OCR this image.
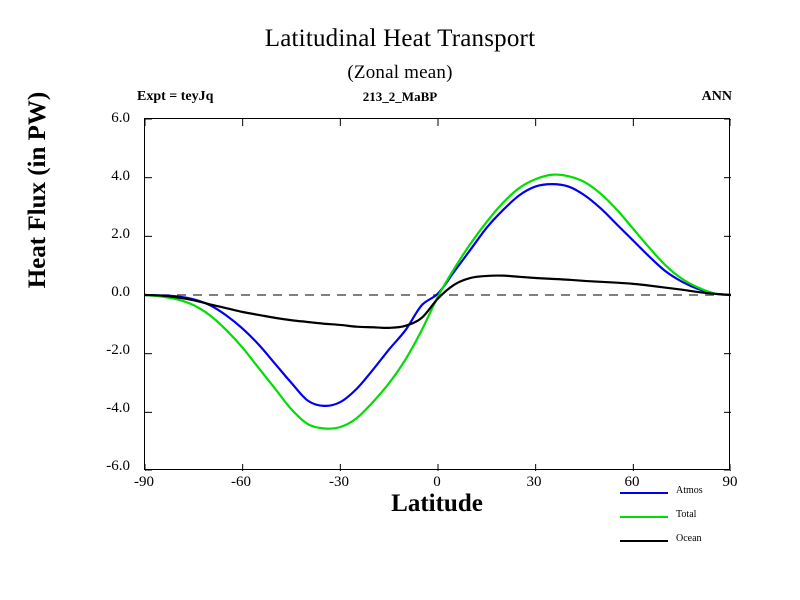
Latitudinal Heat Transport
(Zonal mean)
Expt = teyJq	213_2_MaBP	ANN
Heat Flux (in PW)
Latitude
6.0
4.0
2.0
0.0
-2.0
-4.0
-6.0
-90	-60	-30	0	30	60	90
Atmos
Total
Ocean
